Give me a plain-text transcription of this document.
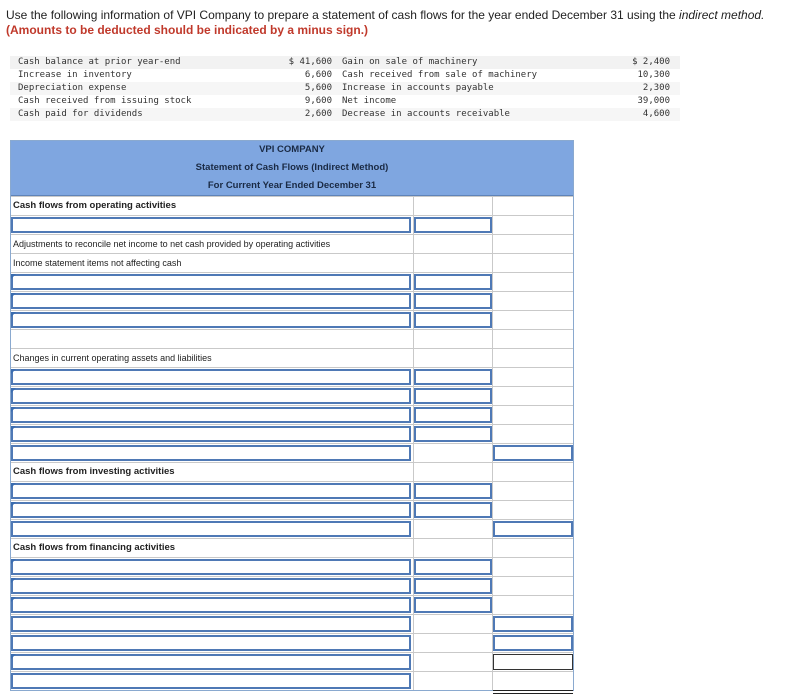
Use the following information of VPI Company to prepare a statement of cash flows for the year ended December 31 using the indirect method. (Amounts to be deducted should be indicated by a minus sign.)
Cash balance at prior year-end	$ 41,600 Gain on sale of machinery	$ 2,400
Increase in inventory	6,600 Cash received from sale of machinery	10,300
Depreciation expense	5,600 Increase in accounts payable	2,300
Cash received from issuing stock	9,600 Net income	39,000
Cash paid for dividends	2,600 Decrease in accounts receivable	4,600
VPI COMPANY
Statement of Cash Flows (Indirect Method)
For Current Year Ended December 31
Cash flows from operating activities
Adjustments to reconcile net income to net cash provided by operating activities
Income statement items not affecting cash
Changes in current operating assets and liabilities
Cash flows from investing activities
Cash flows from financing activities
